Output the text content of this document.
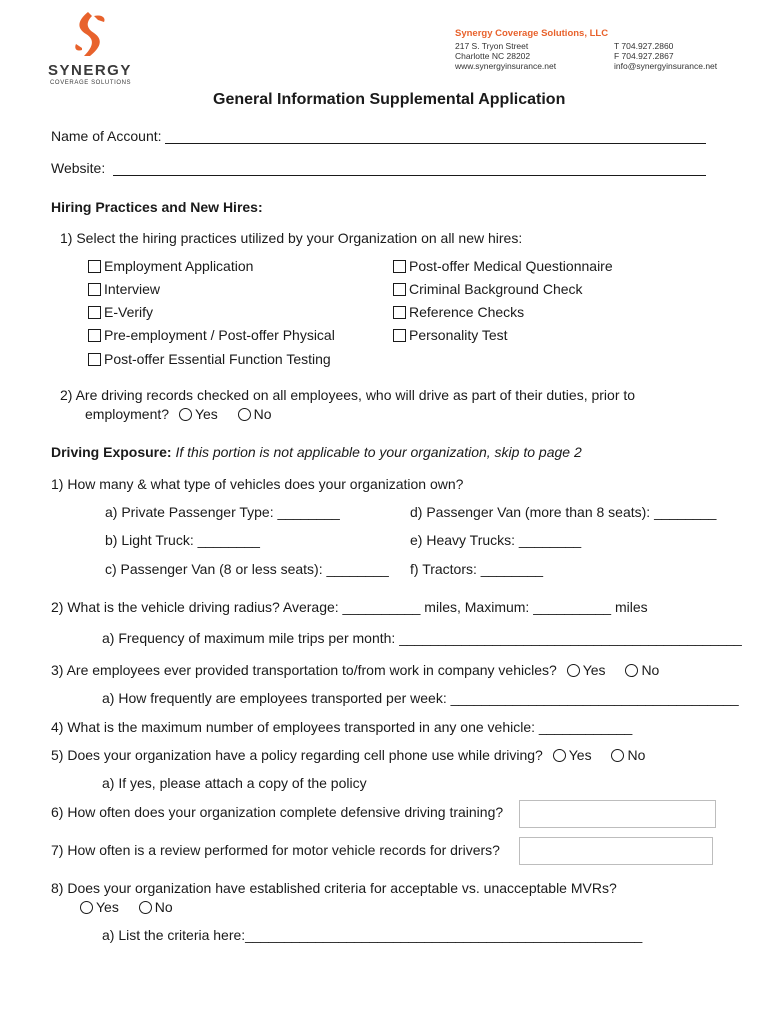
SYNERGY
COVERAGE SOLUTIONS
Synergy Coverage Solutions, LLC
217 S. Tryon Street
Charlotte NC 28202
www.synergyinsurance.net
T 704.927.2860
F 704.927.2867
info@synergyinsurance.net
General Information Supplemental Application
Name of Account:
Website:
Hiring Practices and New Hires:
1) Select the hiring practices utilized by your Organization on all new hires:
Employment Application
Interview
E-Verify
Pre-employment / Post-offer Physical
Post-offer Essential Function Testing
Post-offer Medical Questionnaire
Criminal Background Check
Reference Checks
Personality Test
2) Are driving records checked on all employees, who will drive as part of their duties, prior to
employment? Yes	No
Driving Exposure: If this portion is not applicable to your organization, skip to page 2
1) How many & what type of vehicles does your organization own?
a) Private Passenger Type: ________
b) Light Truck: ________
c) Passenger Van (8 or less seats): ________
d) Passenger Van (more than 8 seats): ________
e) Heavy Trucks: ________
f) Tractors: ________
2) What is the vehicle driving radius? Average: __________ miles, Maximum: __________ miles
a) Frequency of maximum mile trips per month: ____________________________________________
3) Are employees ever provided transportation to/from work in company vehicles? Yes	No
a) How frequently are employees transported per week: _____________________________________
4) What is the maximum number of employees transported in any one vehicle: ____________
5) Does your organization have a policy regarding cell phone use while driving? Yes	No
a) If yes, please attach a copy of the policy
6) How often does your organization complete defensive driving training?
7) How often is a review performed for motor vehicle records for drivers?
8) Does your organization have established criteria for acceptable vs. unacceptable MVRs?
Yes	No
a) List the criteria here:___________________________________________________
